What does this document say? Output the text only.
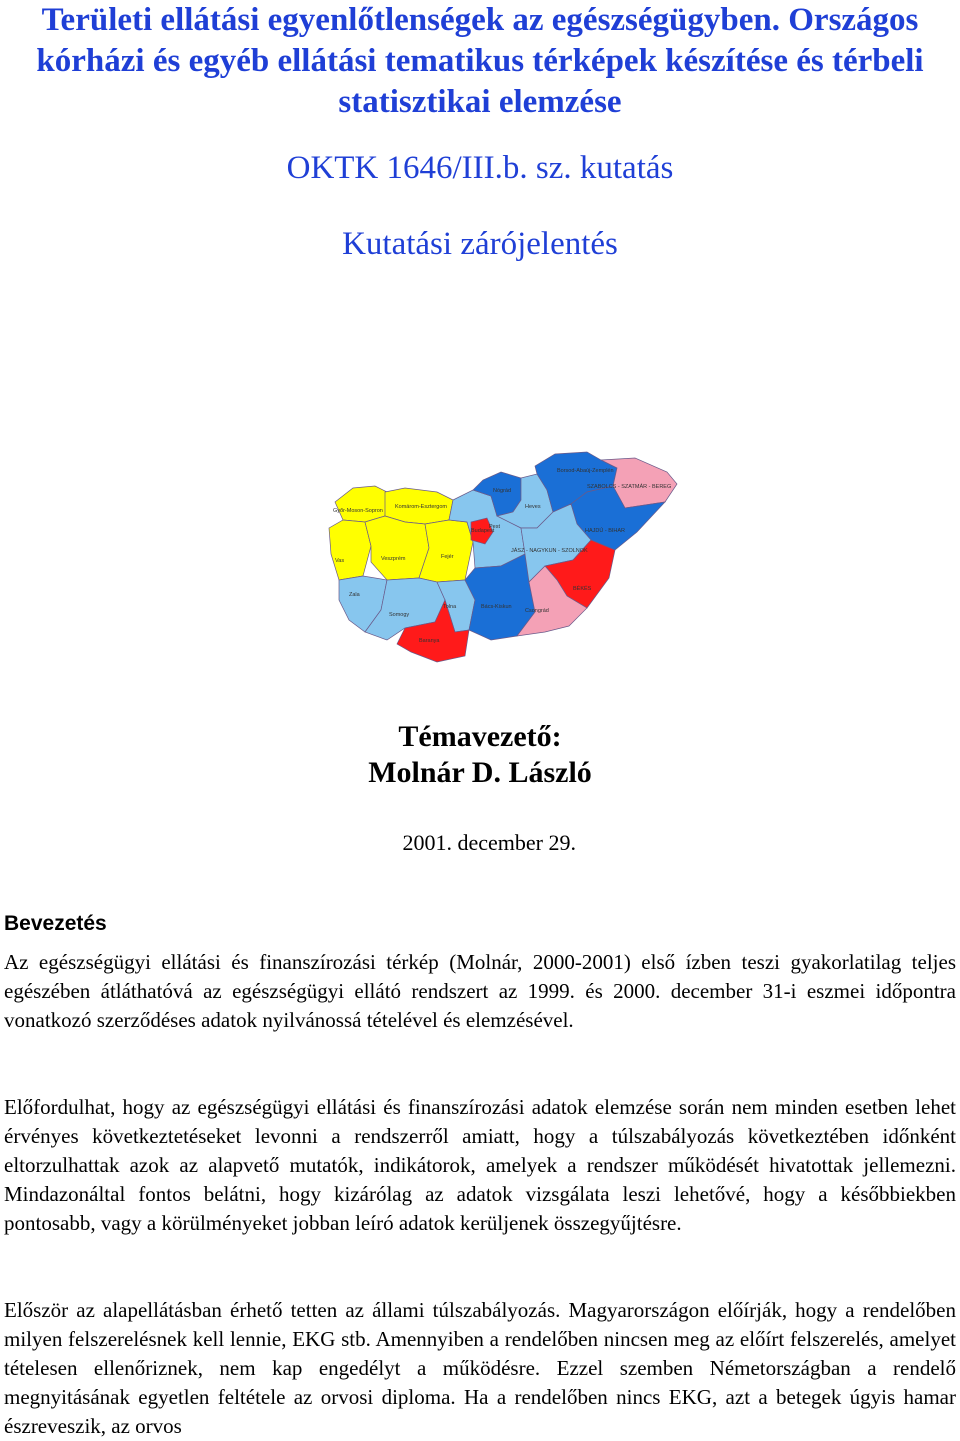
Területi ellátási egyenlőtlenségek az egészségügyben. Országos
kórházi és egyéb ellátási tematikus térképek készítése és térbeli
statisztikai elemzése

OKTK 1646/III.b. sz. kutatás

Kutatási zárójelentés

Győr-Moson-Sopron
Komárom-Esztergom
Vas	Veszprém	Fejér
Zala
Somogy
Tolna
Baranya
Pest
Budapest
Nógrád
Heves
Borsod-Abaúj-Zemplén
SZABOLCS - SZATMÁR - BEREG
HAJDÚ - BIHAR
JÁSZ - NAGYKUN - SZOLNOK
Bács-Kiskun
Csongrád
BÉKÉS
Témavezető:
Molnár D. László
2001. december 29.
Bevezetés

Az egészségügyi ellátási és finanszírozási térkép (Molnár, 2000-2001) első ízben teszi gyakorlatilag teljes egészében átláthatóvá az egészségügyi ellátó rendszert az 1999. és 2000. december 31-i eszmei időpontra vonatkozó szerződéses adatok nyilvánossá tételével és elemzésével.

Előfordulhat, hogy az egészségügyi ellátási és finanszírozási adatok elemzése során nem minden esetben lehet érvényes következtetéseket levonni a rendszerről amiatt, hogy a túlszabályozás következtében időnként eltorzulhattak azok az alapvető mutatók, indikátorok, amelyek a rendszer működését hivatottak jellemezni. Mindazonáltal fontos belátni, hogy kizárólag az adatok vizsgálata leszi lehetővé, hogy a későbbiekben pontosabb, vagy a körülményeket jobban leíró adatok kerüljenek összegyűjtésre.

Először az alapellátásban érhető tetten az állami túlszabályozás. Magyarországon előírják, hogy a rendelőben milyen felszerelésnek kell lennie, EKG stb. Amennyiben a rendelőben nincsen meg az előírt felszerelés, amelyet tételesen ellenőriznek, nem kap engedélyt a működésre. Ezzel szemben Németországban a rendelő megnyitásának egyetlen feltétele az orvosi diploma. Ha a rendelőben nincs EKG, azt a betegek úgyis hamar észreveszik, az orvos
